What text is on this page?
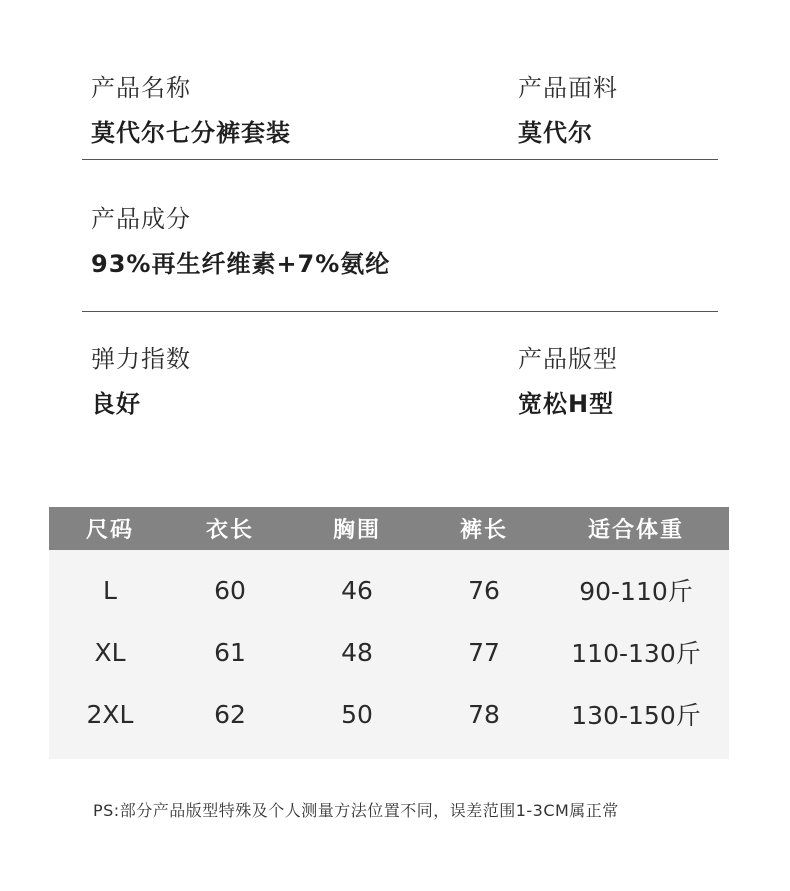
产品名称
莫代尔七分裤套装
产品面料
莫代尔
产品成分
93%再生纤维素+7%氨纶
弹力指数
良好
产品版型
宽松H型
尺码	衣长	胸围	裤长	适合体重
L	60	46	76	90-110斤
XL	61	48	77	110-130斤
2XL	62	50	78	130-150斤
PS:部分产品版型特殊及个人测量方法位置不同，误差范围1-3CM属正常
